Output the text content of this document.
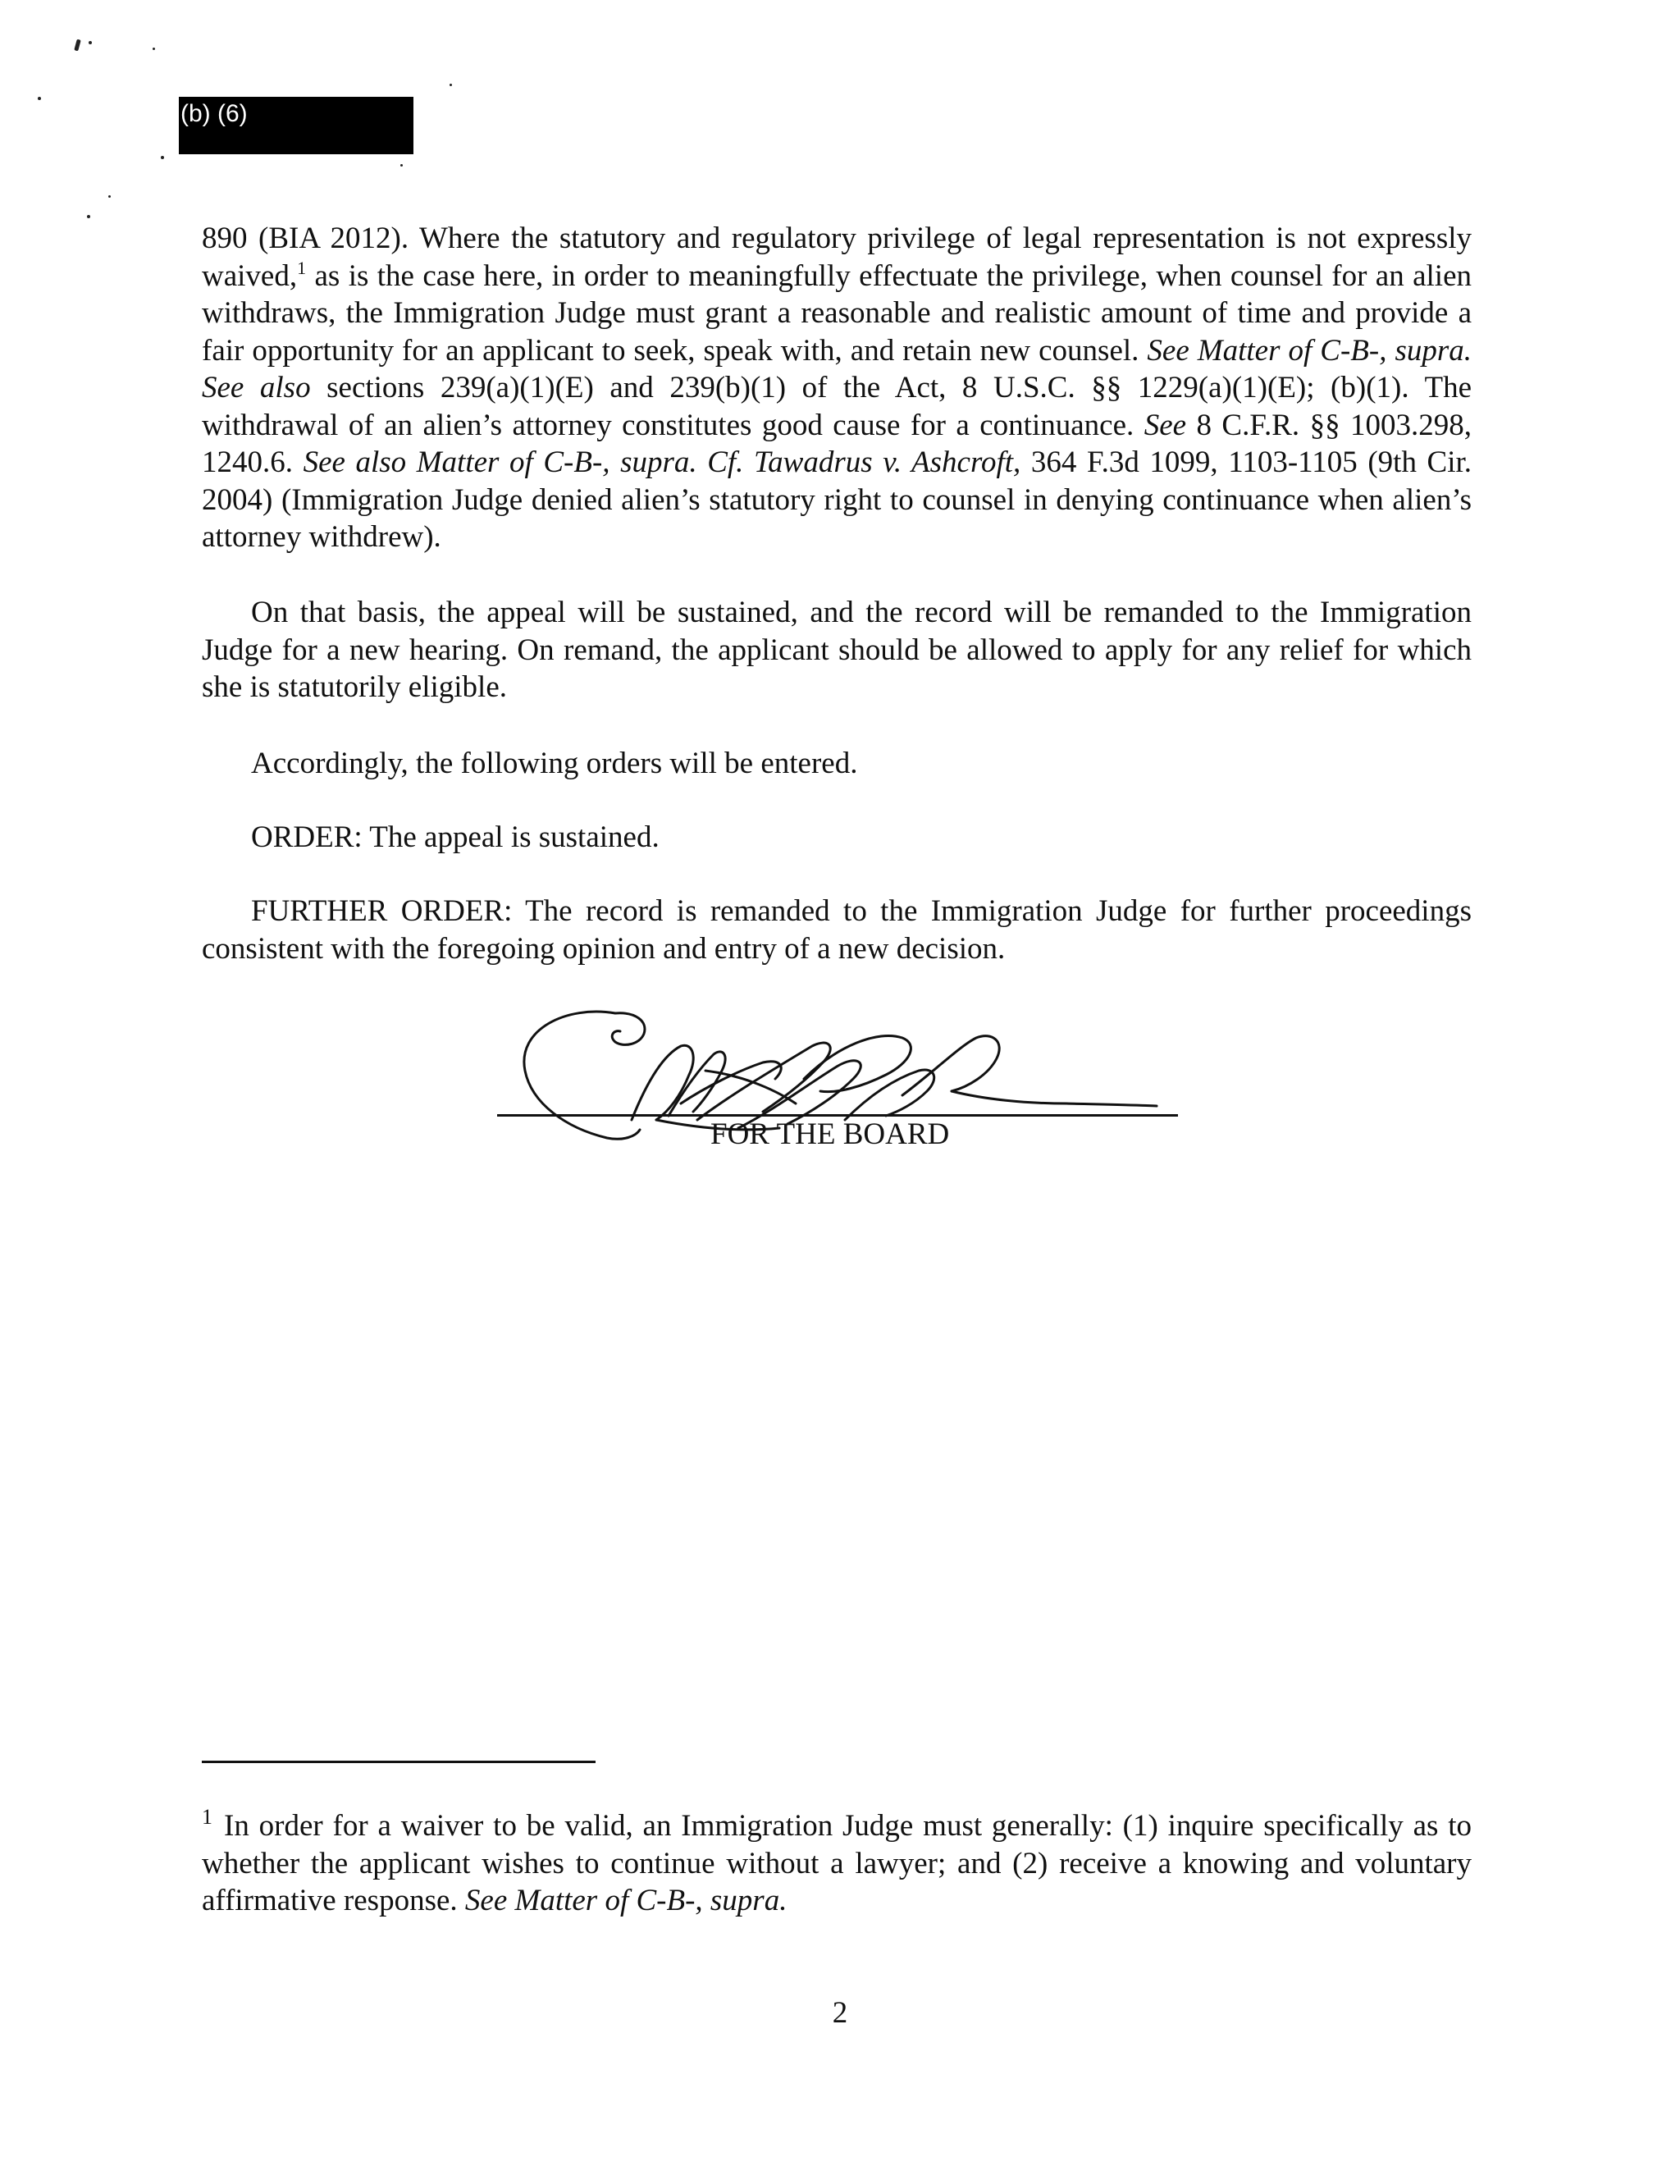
(b) (6)

890 (BIA 2012). Where the statutory and regulatory privilege of legal representation is not expressly waived,$^1$ as is the case here, in order to meaningfully effectuate the privilege, when counsel for an alien withdraws, the Immigration Judge must grant a reasonable and realistic amount of time and provide a fair opportunity for an applicant to seek, speak with, and retain new counsel. See Matter of C-B-, supra. See also sections 239(a)(1)(E) and 239(b)(1) of the Act, 8 U.S.C. §§ 1229(a)(1)(E); (b)(1). The withdrawal of an alien’s attorney constitutes good cause for a continuance. See 8 C.F.R. §§ 1003.298, 1240.6. See also Matter of C-B-, supra. Cf. Tawadrus v. Ashcroft, 364 F.3d 1099, 1103-1105 (9th Cir. 2004) (Immigration Judge denied alien’s statutory right to counsel in denying continuance when alien’s attorney withdrew).

On that basis, the appeal will be sustained, and the record will be remanded to the Immigration Judge for a new hearing. On remand, the applicant should be allowed to apply for any relief for which she is statutorily eligible.

Accordingly, the following orders will be entered.

ORDER: The appeal is sustained.

FURTHER ORDER: The record is remanded to the Immigration Judge for further proceedings consistent with the foregoing opinion and entry of a new decision.

FOR THE BOARD

$^1$ In order for a waiver to be valid, an Immigration Judge must generally: (1) inquire specifically as to whether the applicant wishes to continue without a lawyer; and (2) receive a knowing and voluntary affirmative response. See Matter of C-B-, supra.

2
